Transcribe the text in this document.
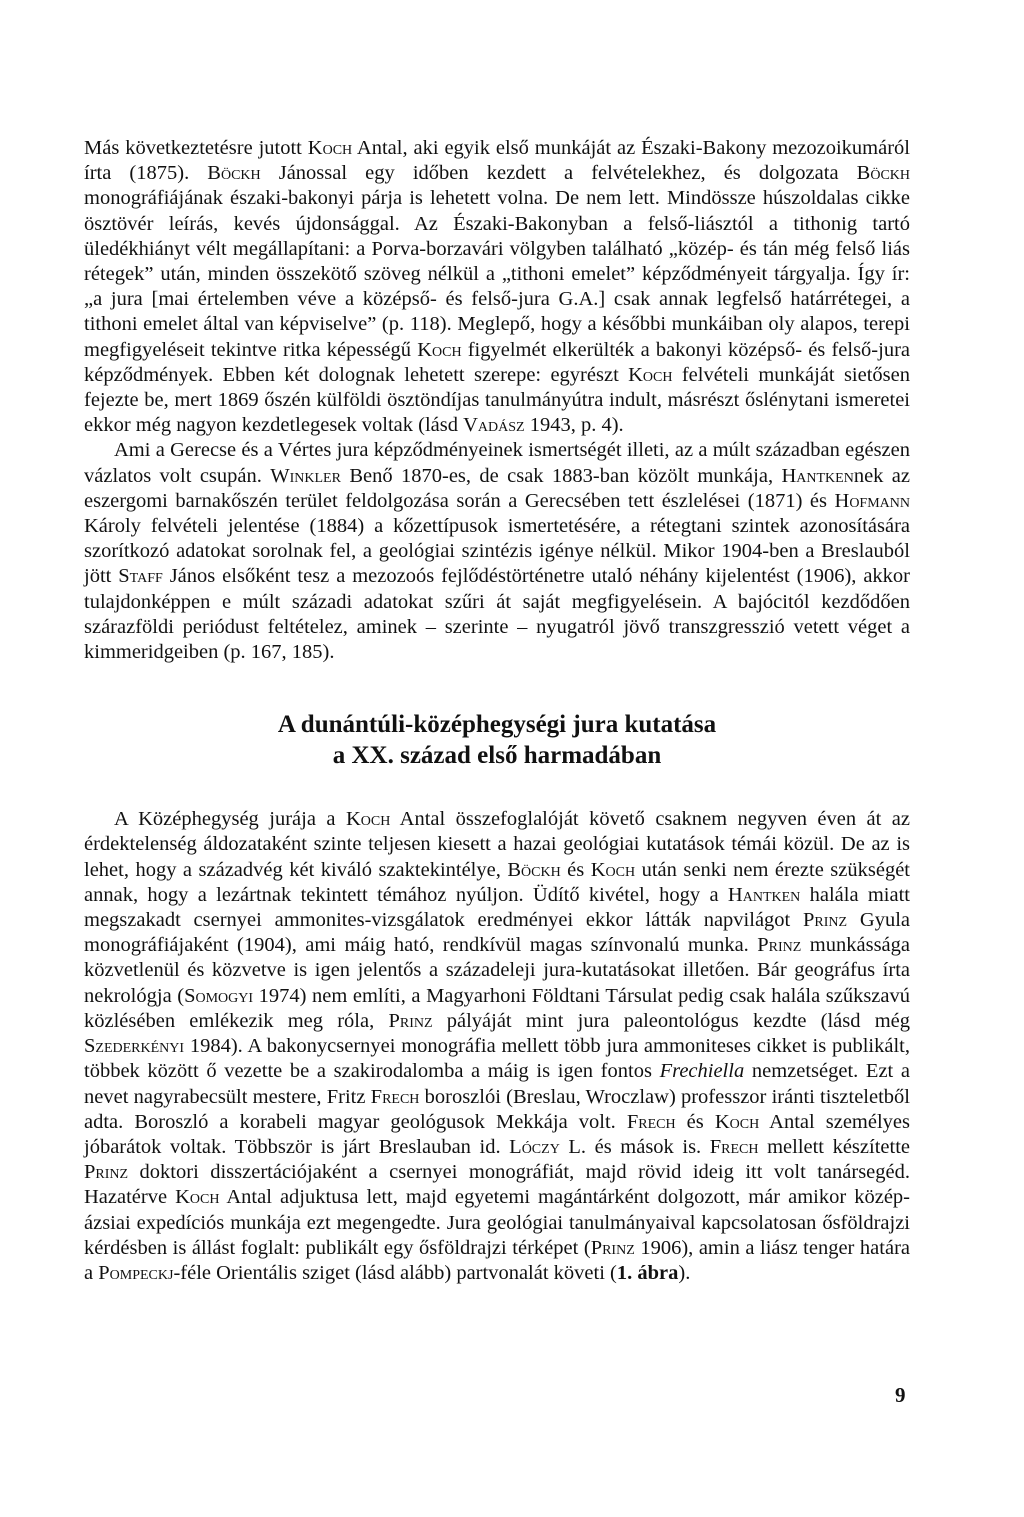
Más következtetésre jutott Koch Antal, aki egyik első munkáját az Északi-Bakony mezozoikumáról írta (1875). Böckh Jánossal egy időben kezdett a felvételekhez, és dolgozata Böckh monográfiájának északi-bakonyi párja is lehetett volna. De nem lett. Mindössze húszoldalas cikke ösztövér leírás, kevés újdonsággal. Az Északi-Bakonyban a felső-liásztól a tithonig tartó üledékhiányt vélt megállapítani: a Porva-borzavári völgyben található „közép- és tán még felső liás rétegek” után, minden összekötő szöveg nélkül a „tithoni emelet” képződményeit tárgyalja. Így ír: „a jura [mai értelemben véve a középső- és felső-jura G.A.] csak annak legfelső határrétegei, a tithoni emelet által van képviselve” (p. 118). Meglepő, hogy a későbbi munkáiban oly alapos, terepi megfigyeléseit tekintve ritka képességű Koch figyelmét elkerülték a bakonyi középső- és felső-jura képződmények. Ebben két dolognak lehetett szerepe: egyrészt Koch felvételi munkáját sietősen fejezte be, mert 1869 őszén külföldi ösztöndíjas tanulmányútra indult, másrészt őslénytani ismeretei ekkor még nagyon kezdetlegesek voltak (lásd Vadász 1943, p. 4).

Ami a Gerecse és a Vértes jura képződményeinek ismertségét illeti, az a múlt században egészen vázlatos volt csupán. Winkler Benő 1870-es, de csak 1883-ban közölt munkája, Hantkennek az eszergomi barnakőszén terület feldolgozása során a Gerecsében tett észlelései (1871) és Hofmann Károly felvételi jelentése (1884) a kőzettípusok ismertetésére, a rétegtani szintek azonosítására szorítkozó adatokat sorolnak fel, a geológiai szintézis igénye nélkül. Mikor 1904-ben a Breslauból jött Staff János elsőként tesz a mezozoós fejlődéstörténetre utaló néhány kijelentést (1906), akkor tulajdonképpen e múlt századi adatokat szűri át saját megfigyelésein. A bajócitól kezdődően szárazföldi periódust feltételez, aminek – szerinte – nyugatról jövő transzgresszió vetett véget a kimmeridgeiben (p. 167, 185).

A dunántúli-középhegységi jura kutatása
a XX. század első harmadában

A Középhegység jurája a Koch Antal összefoglalóját követő csaknem negyven éven át az érdektelenség áldozataként szinte teljesen kiesett a hazai geológiai kutatások témái közül. De az is lehet, hogy a századvég két kiváló szaktekintélye, Böckh és Koch után senki nem érezte szükségét annak, hogy a lezártnak tekintett témához nyúljon. Üdítő kivétel, hogy a Hantken halála miatt megszakadt csernyei ammonites-vizsgálatok eredményei ekkor látták napvilágot Prinz Gyula monográfiájaként (1904), ami máig ható, rendkívül magas színvonalú munka. Prinz munkássága közvetlenül és közvetve is igen jelentős a századeleji jura-kutatásokat illetően. Bár geográfus írta nekrológja (Somogyi 1974) nem említi, a Magyarhoni Földtani Társulat pedig csak halála szűkszavú közlésében emlékezik meg róla, Prinz pályáját mint jura paleontológus kezdte (lásd még Szederkényi 1984). A bakonycsernyei monográfia mellett több jura ammoniteses cikket is publikált, többek között ő vezette be a szakirodalomba a máig is igen fontos Frechiella nemzetséget. Ezt a nevet nagyrabecsült mestere, Fritz Frech boroszlói (Breslau, Wroczlaw) professzor iránti tiszteletből adta. Boroszló a korabeli magyar geológusok Mekkája volt. Frech és Koch Antal személyes jóbarátok voltak. Többször is járt Breslauban id. Lóczy L. és mások is. Frech mellett készítette Prinz doktori disszertációjaként a csernyei monográfiát, majd rövid ideig itt volt tanársegéd. Hazatérve Koch Antal adjuktusa lett, majd egyetemi magántárként dolgozott, már amikor közép-ázsiai expedíciós munkája ezt megengedte. Jura geológiai tanulmányaival kapcsolatosan ősföldrajzi kérdésben is állást foglalt: publikált egy ősföldrajzi térképet (Prinz 1906), amin a liász tenger határa a Pompeckj-féle Orientális sziget (lásd alább) partvonalát követi (1. ábra).

9
